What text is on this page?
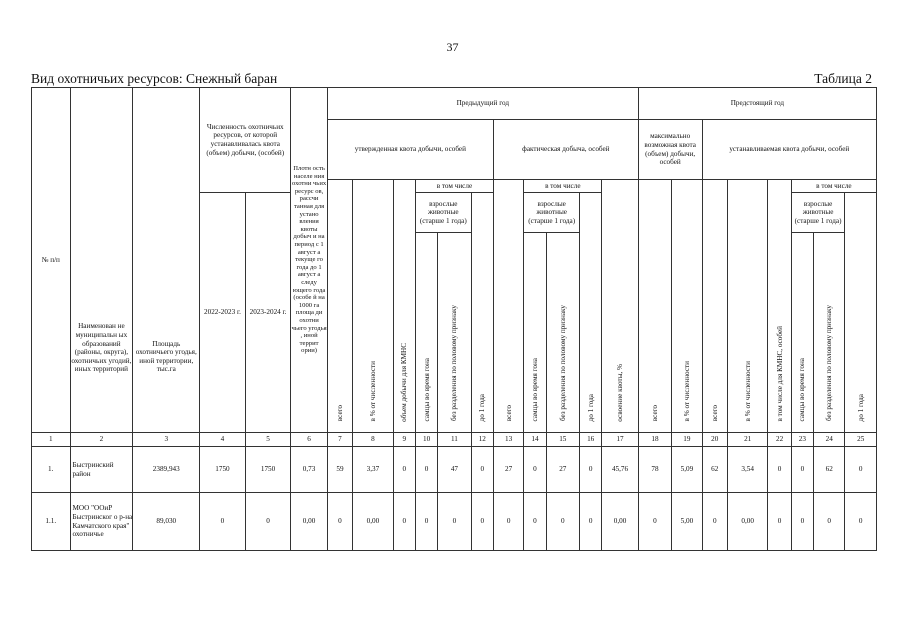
37
Вид охотничьих ресурсов: Снежный баран	Таблица 2
№ п/п	Наименован не муниципальн ых образований (районы, округа), охотничьих угодий, иных территорий	Площадь охотничьего угодья, иной территории, тыс.га	Численность охотничьих ресурсов, от которой устанавливалась квота (объем) добычи, (особей)		Плотн ость населе ния охотни чьих ресурс ов, рассчи танная для устано вления квоты добыч и на период с 1 август а текуще го года до 1 август а следу ющего года (особе й на 1000 га площа ди охотни чьего угодья , иной террит ории)	Предыдущий год											Предстоящий год							
						утвержденная квота добычи, особей						фактическая добыча, особей					максимально возможная квота (объем) добычи, особей		устанавливаемая квота добычи, особей					
						всего	в % от численности	объем добычи для КМНС	в том числе			всего	в том числе			освоение квоты, %	всего	в % от численности	всего	в % от численности	в том числе для КМНС, особей	в том числе		
			2022-2023 г.	2023-2024 г.					взрослые животные (старше 1 года)		до 1 года		взрослые животные (старше 1 года)		до 1 года							взрослые животные (старше 1 года)		до 1 года
									самцы во время гона	без разделения по половому признаку			самцы во время гона	без разделения по половому признаку								самцы во время гона	без разделения по половому признаку	

1	2	3	4	5	6	7	8	9	10	11	12	13	14	15	16	17	18	19	20	21	22	23	24	25
1.	Быстринский район	2389,943	1750	1750	0,73	59	3,37	0	0	47	0	27	0	27	0	45,76	78	5,09	62	3,54	0	0	62	0
1.1.	МОО "ООиР Быстринског о р-на Камчатского края" охотничье	89,030	0	0	0,00	0	0,00	0	0	0	0	0	0	0	0	0,00	0	5,00	0	0,00	0	0	0	0
